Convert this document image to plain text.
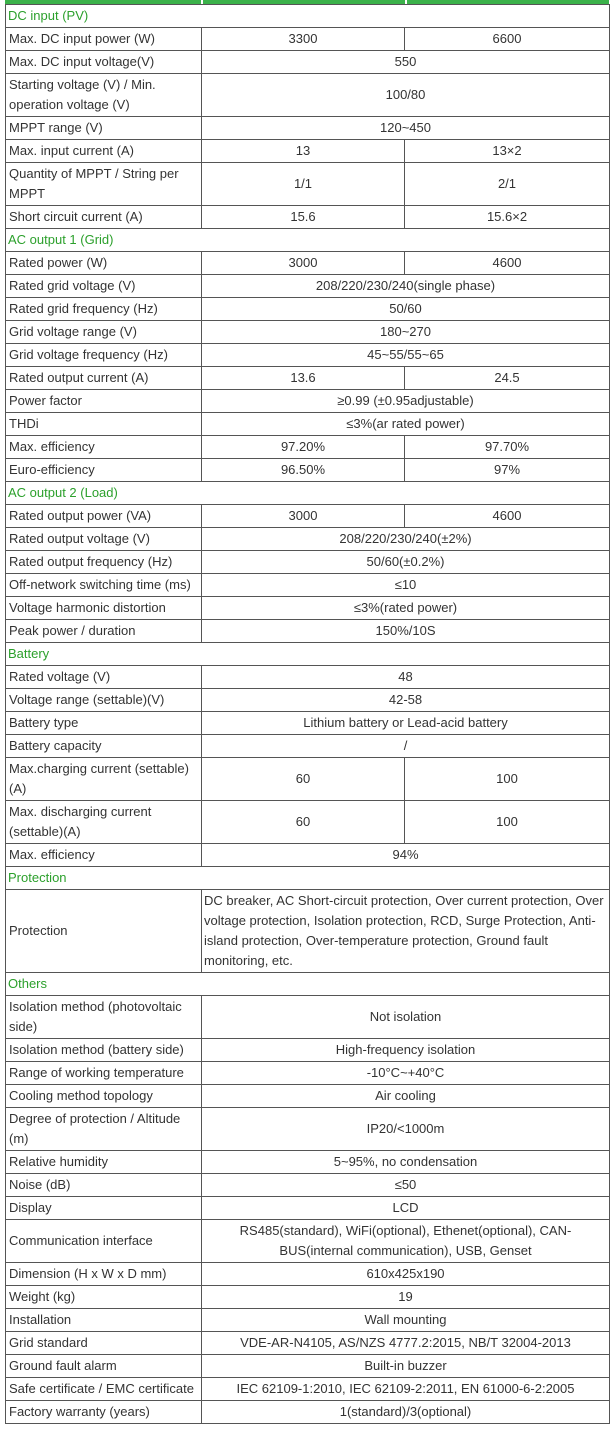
DC input (PV)		
Max. DC input power (W)	3300	6600
Max. DC input voltage(V)	550	
Starting voltage (V) / Min. operation voltage (V)	100/80	
MPPT range (V)	120~450	
Max. input current (A)	13	13×2
Quantity of MPPT / String per MPPT	1/1	2/1
Short circuit current (A)	15.6	15.6×2
AC output 1 (Grid)		
Rated power (W)	3000	4600
Rated grid voltage (V)	208/220/230/240(single phase)	
Rated grid frequency (Hz)	50/60	
Grid voltage range (V)	180~270	
Grid voltage frequency (Hz)	45~55/55~65	
Rated output current (A)	13.6	24.5
Power factor	≥0.99 (±0.95adjustable)	
THDi	≤3%(ar rated power)	
Max. efficiency	97.20%	97.70%
Euro-efficiency	96.50%	97%
AC output 2 (Load)		
Rated output power (VA)	3000	4600
Rated output voltage (V)	208/220/230/240(±2%)	
Rated output frequency (Hz)	50/60(±0.2%)	
Off-network switching time (ms)	≤10	
Voltage harmonic distortion	≤3%(rated power)	
Peak power / duration	150%/10S	
Battery		
Rated voltage (V)	48	
Voltage range (settable)(V)	42-58	
Battery type	Lithium battery or Lead-acid battery	
Battery capacity	/	
Max.charging current (settable)(A)	60	100
Max. discharging current (settable)(A)	60	100
Max. efficiency	94%	
Protection		
Protection	DC breaker, AC Short-circuit protection, Over current protection, Over voltage protection, Isolation protection, RCD, Surge Protection, Anti-island protection, Over-temperature protection, Ground fault monitoring, etc.	
Others		
Isolation method (photovoltaic side)	Not isolation	
Isolation method (battery side)	High-frequency isolation	
Range of working temperature	-10°C~+40°C	
Cooling method topology	Air cooling	
Degree of protection / Altitude (m)	IP20/<1000m	
Relative humidity	5~95%, no condensation	
Noise (dB)	≤50	
Display	LCD	
Communication interface	RS485(standard), WiFi(optional), Ethenet(optional), CAN-BUS(internal communication), USB, Genset	
Dimension (H x W x D mm)	610x425x190	
Weight (kg)	19	
Installation	Wall mounting	
Grid standard	VDE-AR-N4105, AS/NZS 4777.2:2015, NB/T 32004-2013	
Ground fault alarm	Built-in buzzer	
Safe certificate / EMC certificate	IEC 62109-1:2010, IEC 62109-2:2011, EN 61000-6-2:2005	
Factory warranty (years)	1(standard)/3(optional)	
